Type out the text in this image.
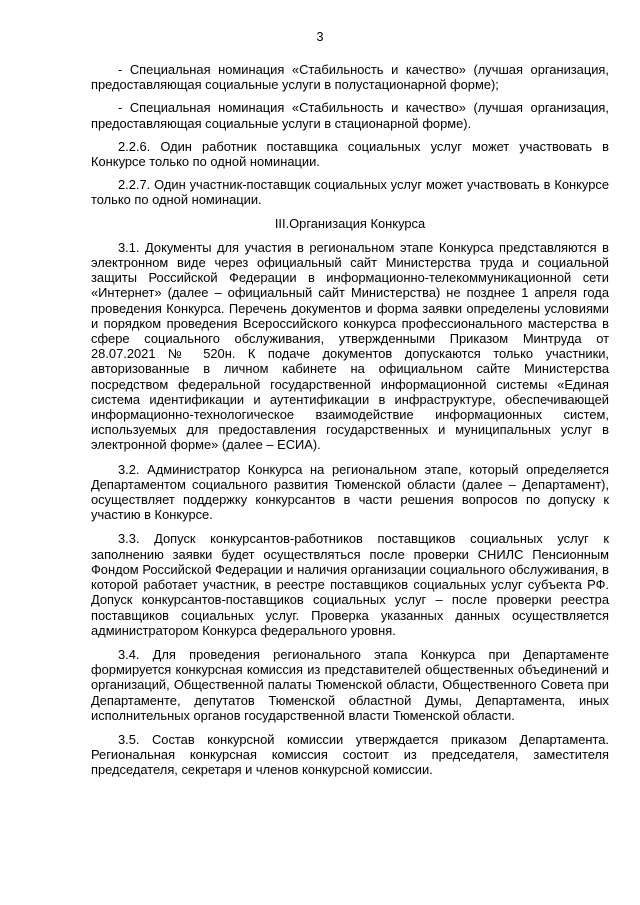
3

- Специальная номинация «Стабильность и качество» (лучшая организация, предоставляющая социальные услуги в полустационарной форме);

- Специальная номинация «Стабильность и качество» (лучшая организация, предоставляющая социальные услуги в стационарной форме).

2.2.6. Один работник поставщика социальных услуг может участвовать в Конкурсе только по одной номинации.

2.2.7. Один участник-поставщик социальных услуг может участвовать в Конкурсе только по одной номинации.

III.Организация Конкурса

3.1. Документы для участия в региональном этапе Конкурса представляются в электронном виде через официальный сайт Министерства труда и социальной защиты Российской Федерации в информационно-телекоммуникационной сети «Интернет» (далее – официальный сайт Министерства) не позднее 1 апреля года проведения Конкурса. Перечень документов и форма заявки определены условиями и порядком проведения Всероссийского конкурса профессионального мастерства в сфере социального обслуживания, утвержденными Приказом Минтруда от 28.07.2021 № 520н. К подаче документов допускаются только участники, авторизованные в личном кабинете на официальном сайте Министерства посредством федеральной государственной информационной системы «Единая система идентификации и аутентификации в инфраструктуре, обеспечивающей информационно-технологическое взаимодействие информационных систем, используемых для предоставления государственных и муниципальных услуг в электронной форме» (далее – ЕСИА).

3.2. Администратор Конкурса на региональном этапе, который определяется Департаментом социального развития Тюменской области (далее – Департамент), осуществляет поддержку конкурсантов в части решения вопросов по допуску к участию в Конкурсе.

3.3. Допуск конкурсантов-работников поставщиков социальных услуг к заполнению заявки будет осуществляться после проверки СНИЛС Пенсионным Фондом Российской Федерации и наличия организации социального обслуживания, в которой работает участник, в реестре поставщиков социальных услуг субъекта РФ. Допуск конкурсантов-поставщиков социальных услуг – после проверки реестра поставщиков социальных услуг. Проверка указанных данных осуществляется администратором Конкурса федерального уровня.

3.4. Для проведения регионального этапа Конкурса при Департаменте формируется конкурсная комиссия из представителей общественных объединений и организаций, Общественной палаты Тюменской области, Общественного Совета при Департаменте, депутатов Тюменской областной Думы, Департамента, иных исполнительных органов государственной власти Тюменской области.

3.5. Состав конкурсной комиссии утверждается приказом Департамента. Региональная конкурсная комиссия состоит из председателя, заместителя председателя, секретаря и членов конкурсной комиссии.
